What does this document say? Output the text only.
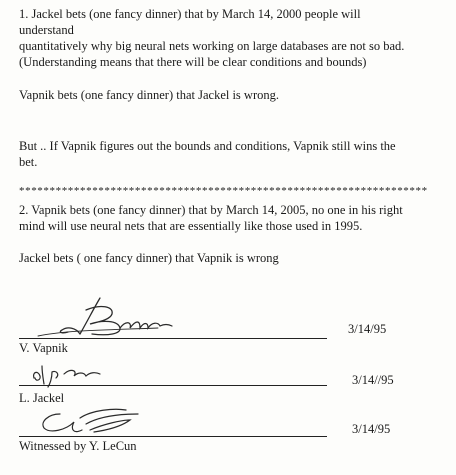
1. Jackel bets (one fancy dinner) that by March 14, 2000 people will
understand
quantitatively why big neural nets working on large databases are not so bad.
(Understanding means that there will be clear conditions and bounds)
Vapnik bets (one fancy dinner) that Jackel is wrong.
But .. If Vapnik figures out the bounds and conditions, Vapnik still wins the
bet.
*******************************************************************
2. Vapnik bets (one fancy dinner) that by March 14, 2005, no one in his right
mind will use neural nets that are essentially like those used in 1995.
Jackel bets ( one fancy dinner) that Vapnik is wrong
V. Vapnik
3/14/95
L. Jackel
3/14//95
Witnessed by Y. LeCun
3/14/95
